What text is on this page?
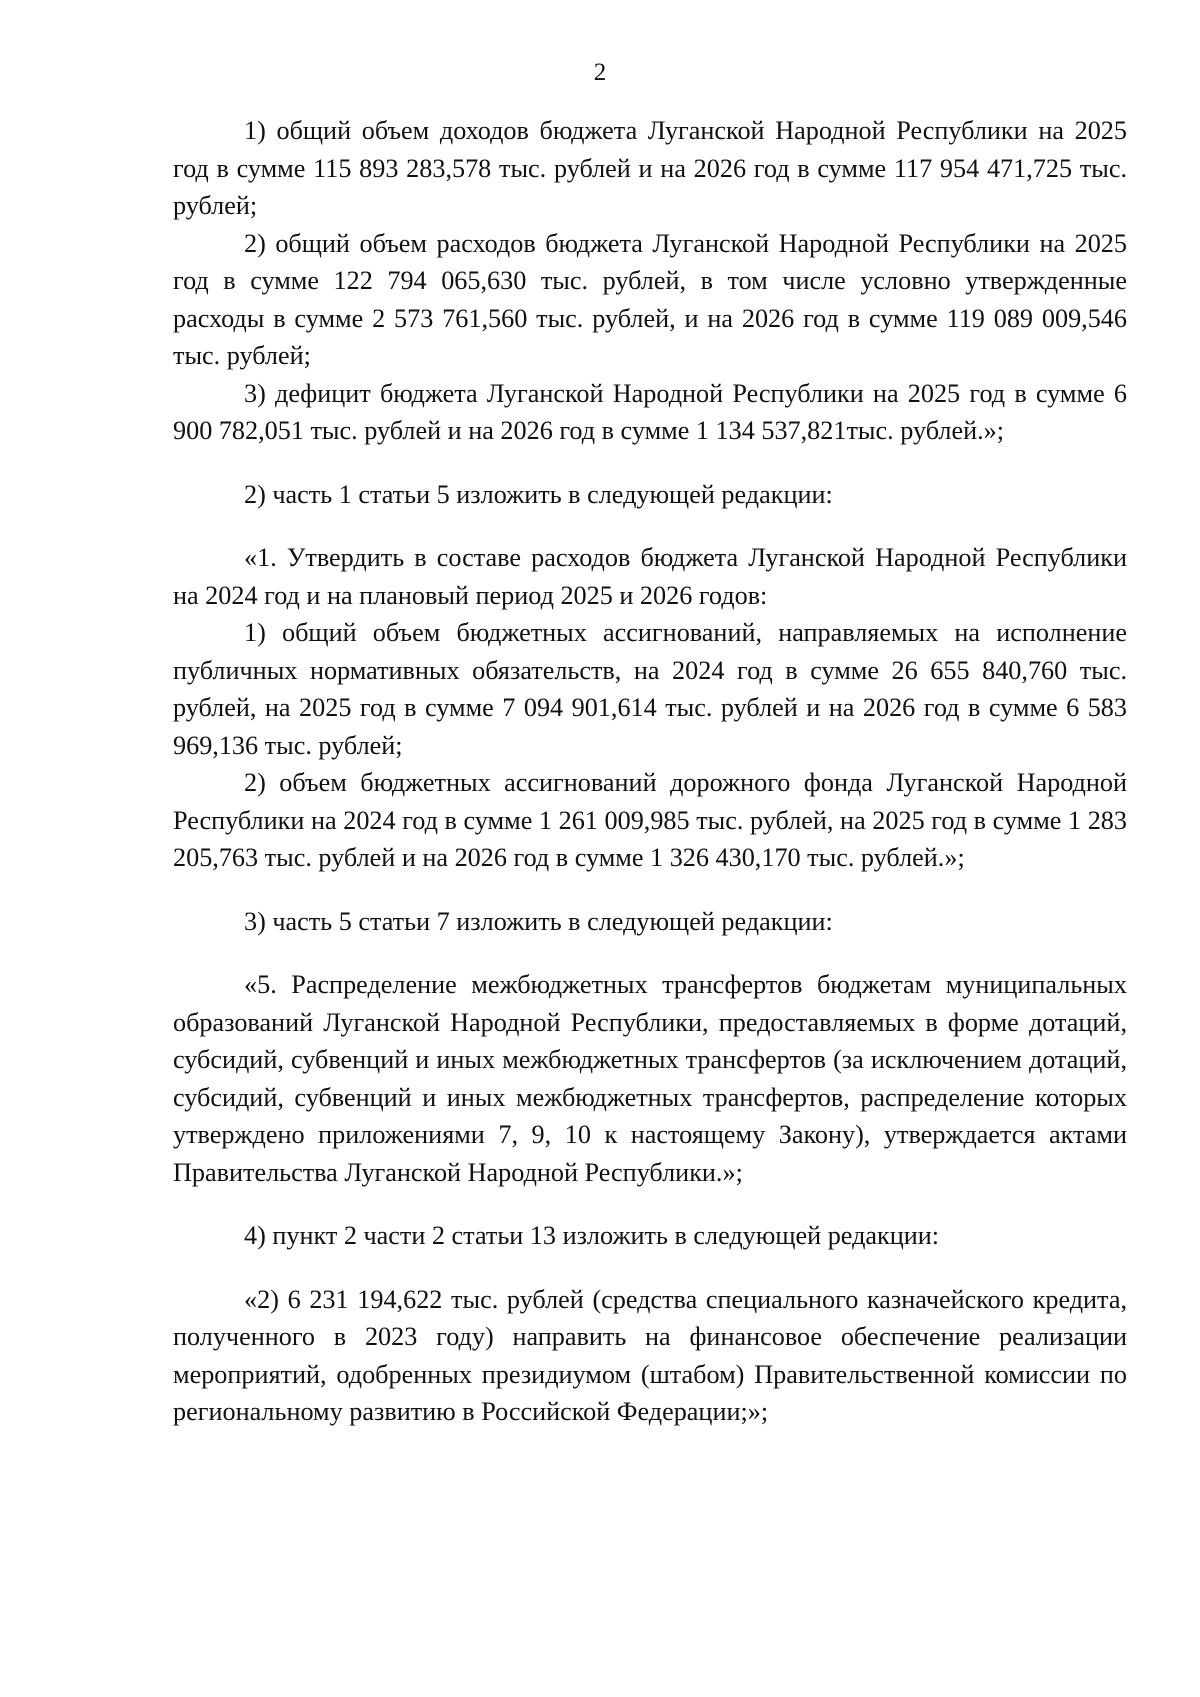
2

1) общий объем доходов бюджета Луганской Народной Республики на 2025 год в сумме 115 893 283,578 тыс. рублей и на 2026 год в сумме 117 954 471,725 тыс. рублей;

2) общий объем расходов бюджета Луганской Народной Республики на 2025 год в сумме 122 794 065,630 тыс. рублей, в том числе условно утвержденные расходы в сумме 2 573 761,560 тыс. рублей, и на 2026 год в сумме 119 089 009,546 тыс. рублей;

3) дефицит бюджета Луганской Народной Республики на 2025 год в сумме 6 900 782,051 тыс. рублей и на 2026 год в сумме 1 134 537,821тыс. рублей.»;

2) часть 1 статьи 5 изложить в следующей редакции:

«1. Утвердить в составе расходов бюджета Луганской Народной Республики на 2024 год и на плановый период 2025 и 2026 годов:

1) общий объем бюджетных ассигнований, направляемых на исполнение публичных нормативных обязательств, на 2024 год в сумме 26 655 840,760 тыс. рублей, на 2025 год в сумме 7 094 901,614 тыс. рублей и на 2026 год в сумме 6 583 969,136 тыс. рублей;

2) объем бюджетных ассигнований дорожного фонда Луганской Народной Республики на 2024 год в сумме 1 261 009,985 тыс. рублей, на 2025 год в сумме 1 283 205,763 тыс. рублей и на 2026 год в сумме 1 326 430,170 тыс. рублей.»;

3) часть 5 статьи 7 изложить в следующей редакции:

«5. Распределение межбюджетных трансфертов бюджетам муниципальных образований Луганской Народной Республики, предоставляемых в форме дотаций, субсидий, субвенций и иных межбюджетных трансфертов (за исключением дотаций, субсидий, субвенций и иных межбюджетных трансфертов, распределение которых утверждено приложениями 7, 9, 10 к настоящему Закону), утверждается актами Правительства Луганской Народной Республики.»;

4) пункт 2 части 2 статьи 13 изложить в следующей редакции:

«2) 6 231 194,622 тыс. рублей (средства специального казначейского кредита, полученного в 2023 году) направить на финансовое обеспечение реализации мероприятий, одобренных президиумом (штабом) Правительственной комиссии по региональному развитию в Российской Федерации;»;
